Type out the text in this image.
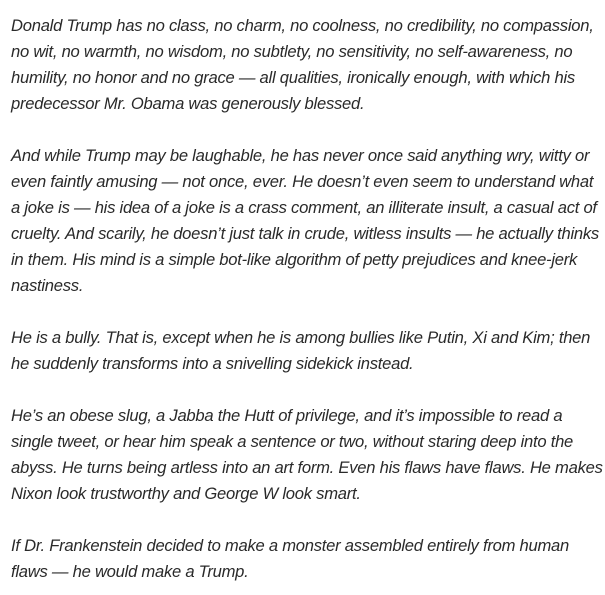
Donald Trump has no class, no charm, no coolness, no credibility, no compassion, no wit, no warmth, no wisdom, no subtlety, no sensitivity, no self-awareness, no humility, no honor and no grace — all qualities, ironically enough, with which his predecessor Mr. Obama was generously blessed.

And while Trump may be laughable, he has never once said anything wry, witty or even faintly amusing — not once, ever. He doesn’t even seem to understand what a joke is — his idea of a joke is a crass comment, an illiterate insult, a casual act of cruelty. And scarily, he doesn’t just talk in crude, witless insults — he actually thinks in them. His mind is a simple bot-like algorithm of petty prejudices and knee-jerk nastiness.

He is a bully. That is, except when he is among bullies like Putin, Xi and Kim; then he suddenly transforms into a snivelling sidekick instead.

He’s an obese slug, a Jabba the Hutt of privilege, and it’s impossible to read a single tweet, or hear him speak a sentence or two, without staring deep into the abyss. He turns being artless into an art form. Even his flaws have flaws. He makes Nixon look trustworthy and George W look smart.

If Dr. Frankenstein decided to make a monster assembled entirely from human flaws — he would make a Trump.
